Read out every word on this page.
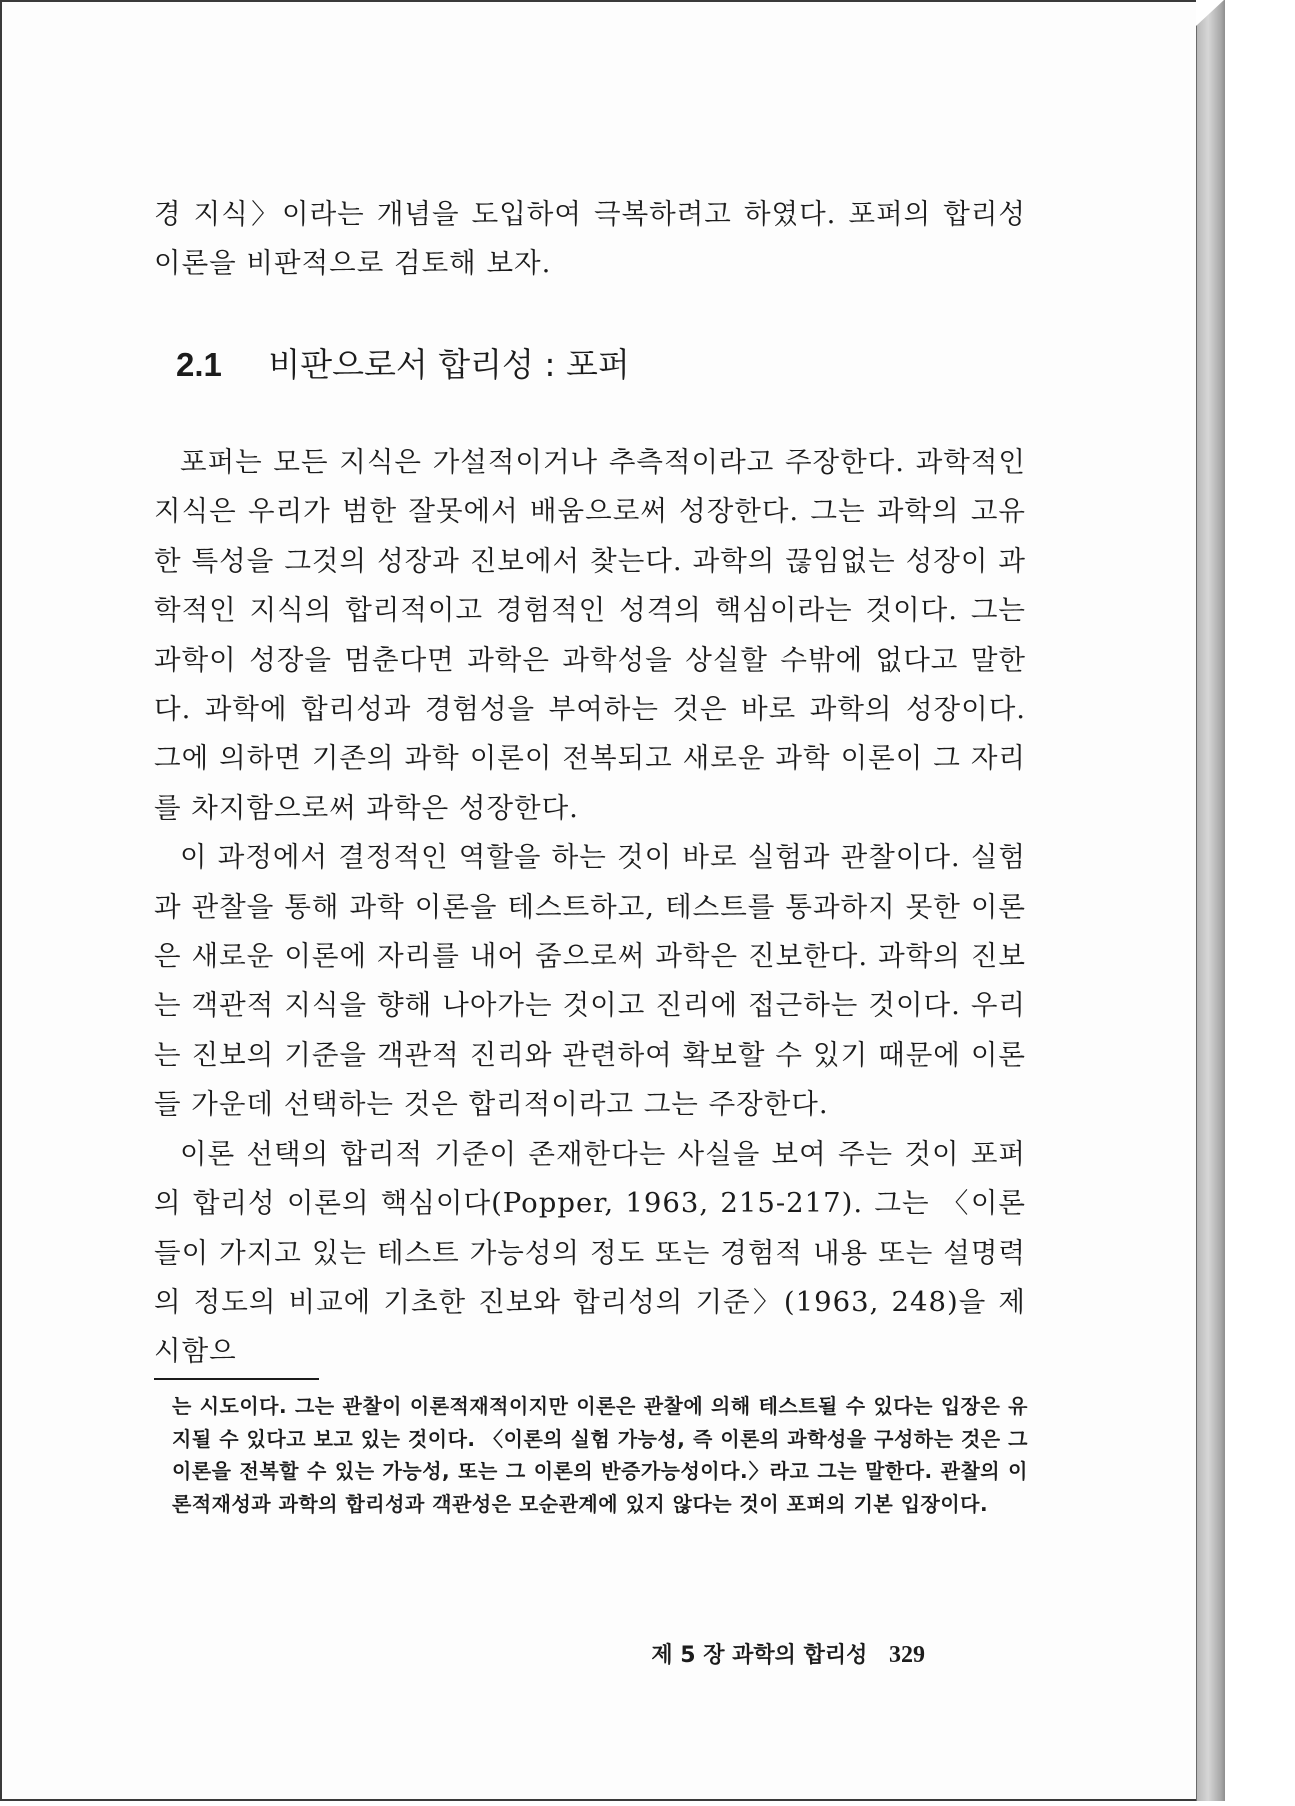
경 지식〉이라는 개념을 도입하여 극복하려고 하였다. 포퍼의 합리성 이론을 비판적으로 검토해 보자.

2.1 비판으로서 합리성 : 포퍼

포퍼는 모든 지식은 가설적이거나 추측적이라고 주장한다. 과학적인 지식은 우리가 범한 잘못에서 배움으로써 성장한다. 그는 과학의 고유한 특성을 그것의 성장과 진보에서 찾는다. 과학의 끊임없는 성장이 과학적인 지식의 합리적이고 경험적인 성격의 핵심이라는 것이다. 그는 과학이 성장을 멈춘다면 과학은 과학성을 상실할 수밖에 없다고 말한다. 과학에 합리성과 경험성을 부여하는 것은 바로 과학의 성장이다. 그에 의하면 기존의 과학 이론이 전복되고 새로운 과학 이론이 그 자리를 차지함으로써 과학은 성장한다.

이 과정에서 결정적인 역할을 하는 것이 바로 실험과 관찰이다. 실험과 관찰을 통해 과학 이론을 테스트하고, 테스트를 통과하지 못한 이론은 새로운 이론에 자리를 내어 줌으로써 과학은 진보한다. 과학의 진보는 객관적 지식을 향해 나아가는 것이고 진리에 접근하는 것이다. 우리는 진보의 기준을 객관적 진리와 관련하여 확보할 수 있기 때문에 이론들 가운데 선택하는 것은 합리적이라고 그는 주장한다.

이론 선택의 합리적 기준이 존재한다는 사실을 보여 주는 것이 포퍼의 합리성 이론의 핵심이다(Popper, 1963, 215-217). 그는 〈이론들이 가지고 있는 테스트 가능성의 정도 또는 경험적 내용 또는 설명력의 정도의 비교에 기초한 진보와 합리성의 기준〉(1963, 248)을 제시함으

는 시도이다. 그는 관찰이 이론적재적이지만 이론은 관찰에 의해 테스트될 수 있다는 입장은 유지될 수 있다고 보고 있는 것이다. 〈이론의 실험 가능성, 즉 이론의 과학성을 구성하는 것은 그 이론을 전복할 수 있는 가능성, 또는 그 이론의 반증가능성이다.〉라고 그는 말한다. 관찰의 이론적재성과 과학의 합리성과 객관성은 모순관계에 있지 않다는 것이 포퍼의 기본 입장이다.
제 5 장 과학의 합리성 329
